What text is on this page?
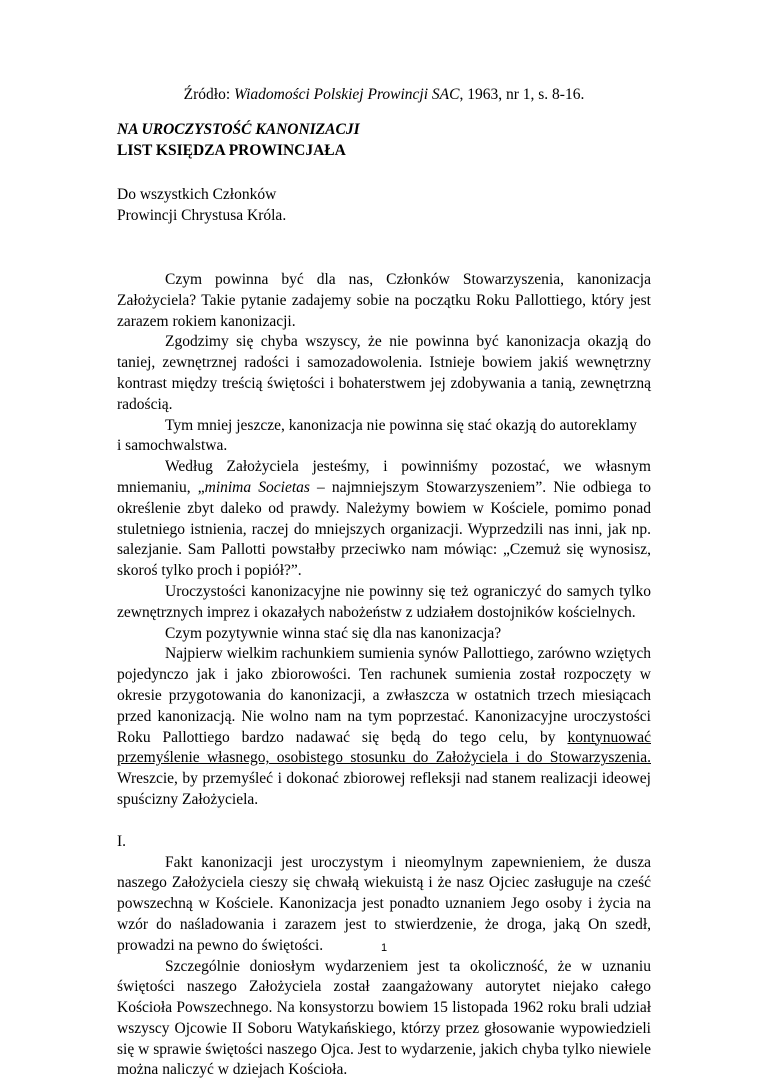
Źródło: Wiadomości Polskiej Prowincji SAC, 1963, nr 1, s. 8-16.
NA UROCZYSTOŚĆ KANONIZACJI
LIST KSIĘDZA PROWINCJAŁA
Do wszystkich Członków
Prowincji Chrystusa Króla.

Czym powinna być dla nas, Członków Stowarzyszenia, kanonizacja Założyciela? Takie pytanie zadajemy sobie na początku Roku Pallottiego, który jest zarazem rokiem kanonizacji.

Zgodzimy się chyba wszyscy, że nie powinna być kanonizacja okazją do taniej, zewnętrznej radości i samozadowolenia. Istnieje bowiem jakiś wewnętrzny kontrast między treścią świętości i bohaterstwem jej zdobywania a tanią, zewnętrzną radością.

Tym mniej jeszcze, kanonizacja nie powinna się stać okazją do autoreklamy

i samochwalstwa.

Według Założyciela jesteśmy, i powinniśmy pozostać, we własnym mniemaniu, „minima Societas – najmniejszym Stowarzyszeniem”. Nie odbiega to określenie zbyt daleko od prawdy. Należymy bowiem w Kościele, pomimo ponad stuletniego istnienia, raczej do mniejszych organizacji. Wyprzedzili nas inni, jak np. salezjanie. Sam Pallotti powstałby przeciwko nam mówiąc: „Czemuż się wynosisz, skoroś tylko proch i popiół?”.

Uroczystości kanonizacyjne nie powinny się też ograniczyć do samych tylko zewnętrznych imprez i okazałych nabożeństw z udziałem dostojników kościelnych.

Czym pozytywnie winna stać się dla nas kanonizacja?

Najpierw wielkim rachunkiem sumienia synów Pallottiego, zarówno wziętych pojedynczo jak i jako zbiorowości. Ten rachunek sumienia został rozpoczęty w okresie przygotowania do kanonizacji, a zwłaszcza w ostatnich trzech miesiącach przed kanonizacją. Nie wolno nam na tym poprzestać. Kanonizacyjne uroczystości Roku Pallottiego bardzo nadawać się będą do tego celu, by kontynuować przemyślenie własnego, osobistego stosunku do Założyciela i do Stowarzyszenia. Wreszcie, by przemyśleć i dokonać zbiorowej refleksji nad stanem realizacji ideowej spuścizny Założyciela.

I.

Fakt kanonizacji jest uroczystym i nieomylnym zapewnieniem, że dusza naszego Założyciela cieszy się chwałą wiekuistą i że nasz Ojciec zasługuje na cześć powszechną w Kościele. Kanonizacja jest ponadto uznaniem Jego osoby i życia na wzór do naśladowania i zarazem jest to stwierdzenie, że droga, jaką On szedł, prowadzi na pewno do świętości.

Szczególnie doniosłym wydarzeniem jest ta okoliczność, że w uznaniu świętości naszego Założyciela został zaangażowany autorytet niejako całego Kościoła Powszechnego. Na konsystorzu bowiem 15 listopada 1962 roku brali udział wszyscy Ojcowie II Soboru Watykańskiego, którzy przez głosowanie wypowiedzieli się w sprawie świętości naszego Ojca. Jest to wydarzenie, jakich chyba tylko niewiele można naliczyć w dziejach Kościoła.

1
